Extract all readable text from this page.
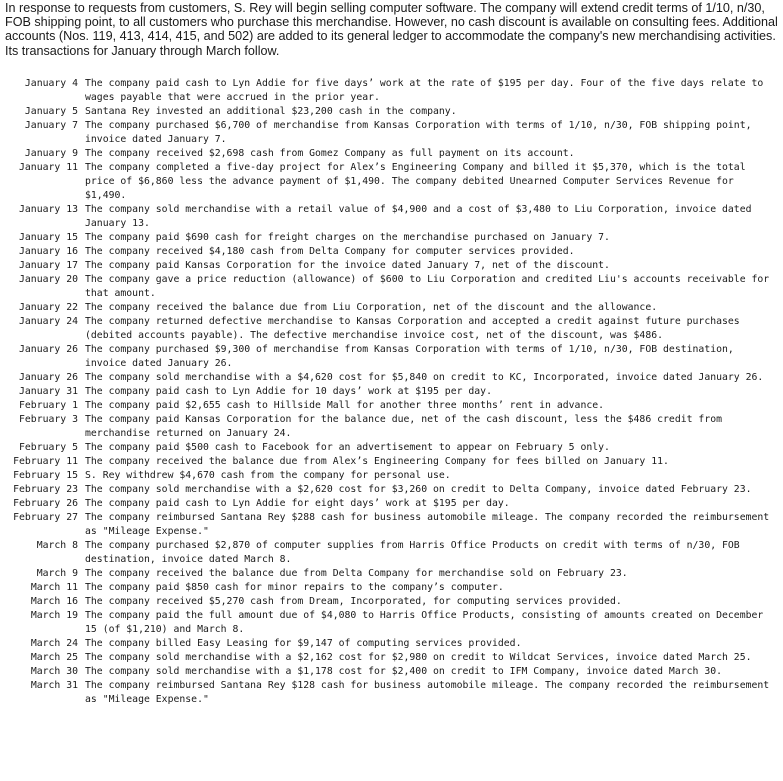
In response to requests from customers, S. Rey will begin selling computer software. The company will extend credit terms of 1/10, n/30, FOB shipping point, to all customers who purchase this merchandise. However, no cash discount is available on consulting fees. Additional accounts (Nos. 119, 413, 414, 415, and 502) are added to its general ledger to accommodate the company's new merchandising activities. Its transactions for January through March follow.

January 4	The company paid cash to Lyn Addie for five days’ work at the rate of $195 per day. Four of the five days relate to wages payable that were accrued in the prior year.
January 5	Santana Rey invested an additional $23,200 cash in the company.
January 7	The company purchased $6,700 of merchandise from Kansas Corporation with terms of 1/10, n/30, FOB shipping point, invoice dated January 7.
January 9	The company received $2,698 cash from Gomez Company as full payment on its account.
January 11	The company completed a five-day project for Alex’s Engineering Company and billed it $5,370, which is the total price of $6,860 less the advance payment of $1,490. The company debited Unearned Computer Services Revenue for $1,490.
January 13	The company sold merchandise with a retail value of $4,900 and a cost of $3,480 to Liu Corporation, invoice dated January 13.
January 15	The company paid $690 cash for freight charges on the merchandise purchased on January 7.
January 16	The company received $4,180 cash from Delta Company for computer services provided.
January 17	The company paid Kansas Corporation for the invoice dated January 7, net of the discount.
January 20	The company gave a price reduction (allowance) of $600 to Liu Corporation and credited Liu's accounts receivable for that amount.
January 22	The company received the balance due from Liu Corporation, net of the discount and the allowance.
January 24	The company returned defective merchandise to Kansas Corporation and accepted a credit against future purchases (debited accounts payable). The defective merchandise invoice cost, net of the discount, was $486.
January 26	The company purchased $9,300 of merchandise from Kansas Corporation with terms of 1/10, n/30, FOB destination, invoice dated January 26.
January 26	The company sold merchandise with a $4,620 cost for $5,840 on credit to KC, Incorporated, invoice dated January 26.
January 31	The company paid cash to Lyn Addie for 10 days’ work at $195 per day.
February 1	The company paid $2,655 cash to Hillside Mall for another three months’ rent in advance.
February 3	The company paid Kansas Corporation for the balance due, net of the cash discount, less the $486 credit from merchandise returned on January 24.
February 5	The company paid $500 cash to Facebook for an advertisement to appear on February 5 only.
February 11	The company received the balance due from Alex’s Engineering Company for fees billed on January 11.
February 15	S. Rey withdrew $4,670 cash from the company for personal use.
February 23	The company sold merchandise with a $2,620 cost for $3,260 on credit to Delta Company, invoice dated February 23.
February 26	The company paid cash to Lyn Addie for eight days’ work at $195 per day.
February 27	The company reimbursed Santana Rey $288 cash for business automobile mileage. The company recorded the reimbursement as "Mileage Expense."
March 8	The company purchased $2,870 of computer supplies from Harris Office Products on credit with terms of n/30, FOB destination, invoice dated March 8.
March 9	The company received the balance due from Delta Company for merchandise sold on February 23.
March 11	The company paid $850 cash for minor repairs to the company’s computer.
March 16	The company received $5,270 cash from Dream, Incorporated, for computing services provided.
March 19	The company paid the full amount due of $4,080 to Harris Office Products, consisting of amounts created on December 15 (of $1,210) and March 8.
March 24	The company billed Easy Leasing for $9,147 of computing services provided.
March 25	The company sold merchandise with a $2,162 cost for $2,980 on credit to Wildcat Services, invoice dated March 25.
March 30	The company sold merchandise with a $1,178 cost for $2,400 on credit to IFM Company, invoice dated March 30.
March 31	The company reimbursed Santana Rey $128 cash for business automobile mileage. The company recorded the reimbursement as "Mileage Expense."
